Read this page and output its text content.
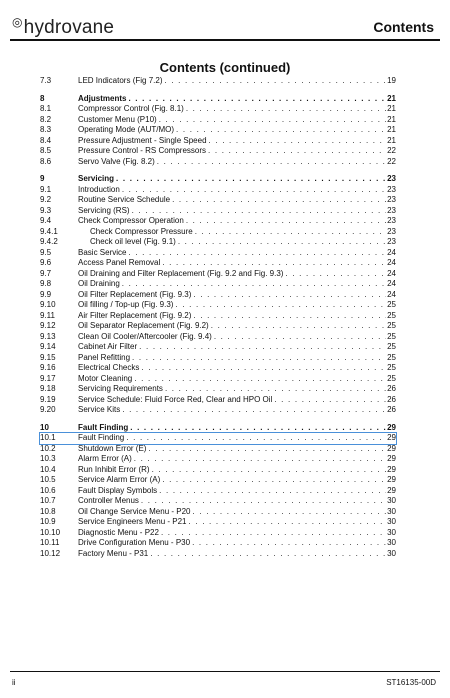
◎hydrovane	Contents
Contents (continued)
7.3	LED Indicators (Fig 7.2) . . .	19
8	Adjustments . . .	21
8.1	Compressor Control (Fig. 8.1) . . .	21
8.2	Customer Menu (P10) . . .	21
8.3	Operating Mode (AUT/MO) . . .	21
8.4	Pressure Adjustment - Single Speed . . .	21
8.5	Pressure Control - RS Compressors . . .	22
8.6	Servo Valve (Fig. 8.2) . . .	22
9	Servicing . . .	23
9.1	Introduction . . .	23
9.2	Routine Service Schedule . . .	23
9.3	Servicing (RS) . . .	23
9.4	Check Compressor Operation . . .	23
9.4.1	Check Compressor Pressure . . .	23
9.4.2	Check oil level (Fig. 9.1) . . .	23
9.5	Basic Service . . .	24
9.6	Access Panel Removal . . .	24
9.7	Oil Draining and Filter Replacement (Fig. 9.2 and Fig. 9.3) . . .	24
9.8	Oil Draining . . .	24
9.9	Oil Filter Replacement (Fig. 9.3) . . .	24
9.10	Oil filling / Top-up (Fig. 9.3) . . .	25
9.11	Air Filter Replacement (Fig. 9.2) . . .	25
9.12	Oil Separator Replacement (Fig. 9.2) . . .	25
9.13	Clean Oil Cooler/Aftercooler (Fig. 9.4) . . .	25
9.14	Cabinet Air Filter . . .	25
9.15	Panel Refitting . . .	25
9.16	Electrical Checks . . .	25
9.17	Motor Cleaning . . .	25
9.18	Servicing Requirements . . .	26
9.19	Service Schedule: Fluid Force Red, Clear and HPO Oil . . .	26
9.20	Service Kits . . .	26
10	Fault Finding . . .	29
10.1	Fault Finding . . .	29
10.2	Shutdown Error (E) . . .	29
10.3	Alarm Error (A) . . .	29
10.4	Run Inhibit Error (R) . . .	29
10.5	Service Alarm Error (A) . . .	29
10.6	Fault Display Symbols . . .	29
10.7	Controller Menus . . .	30
10.8	Oil Change Service Menu - P20 . . .	30
10.9	Service Engineers Menu - P21 . . .	30
10.10	Diagnostic Menu - P22 . . .	30
10.11	Drive Configuration Menu - P30 . . .	30
10.12	Factory Menu - P31 . . .	30
ii	ST16135-00D
